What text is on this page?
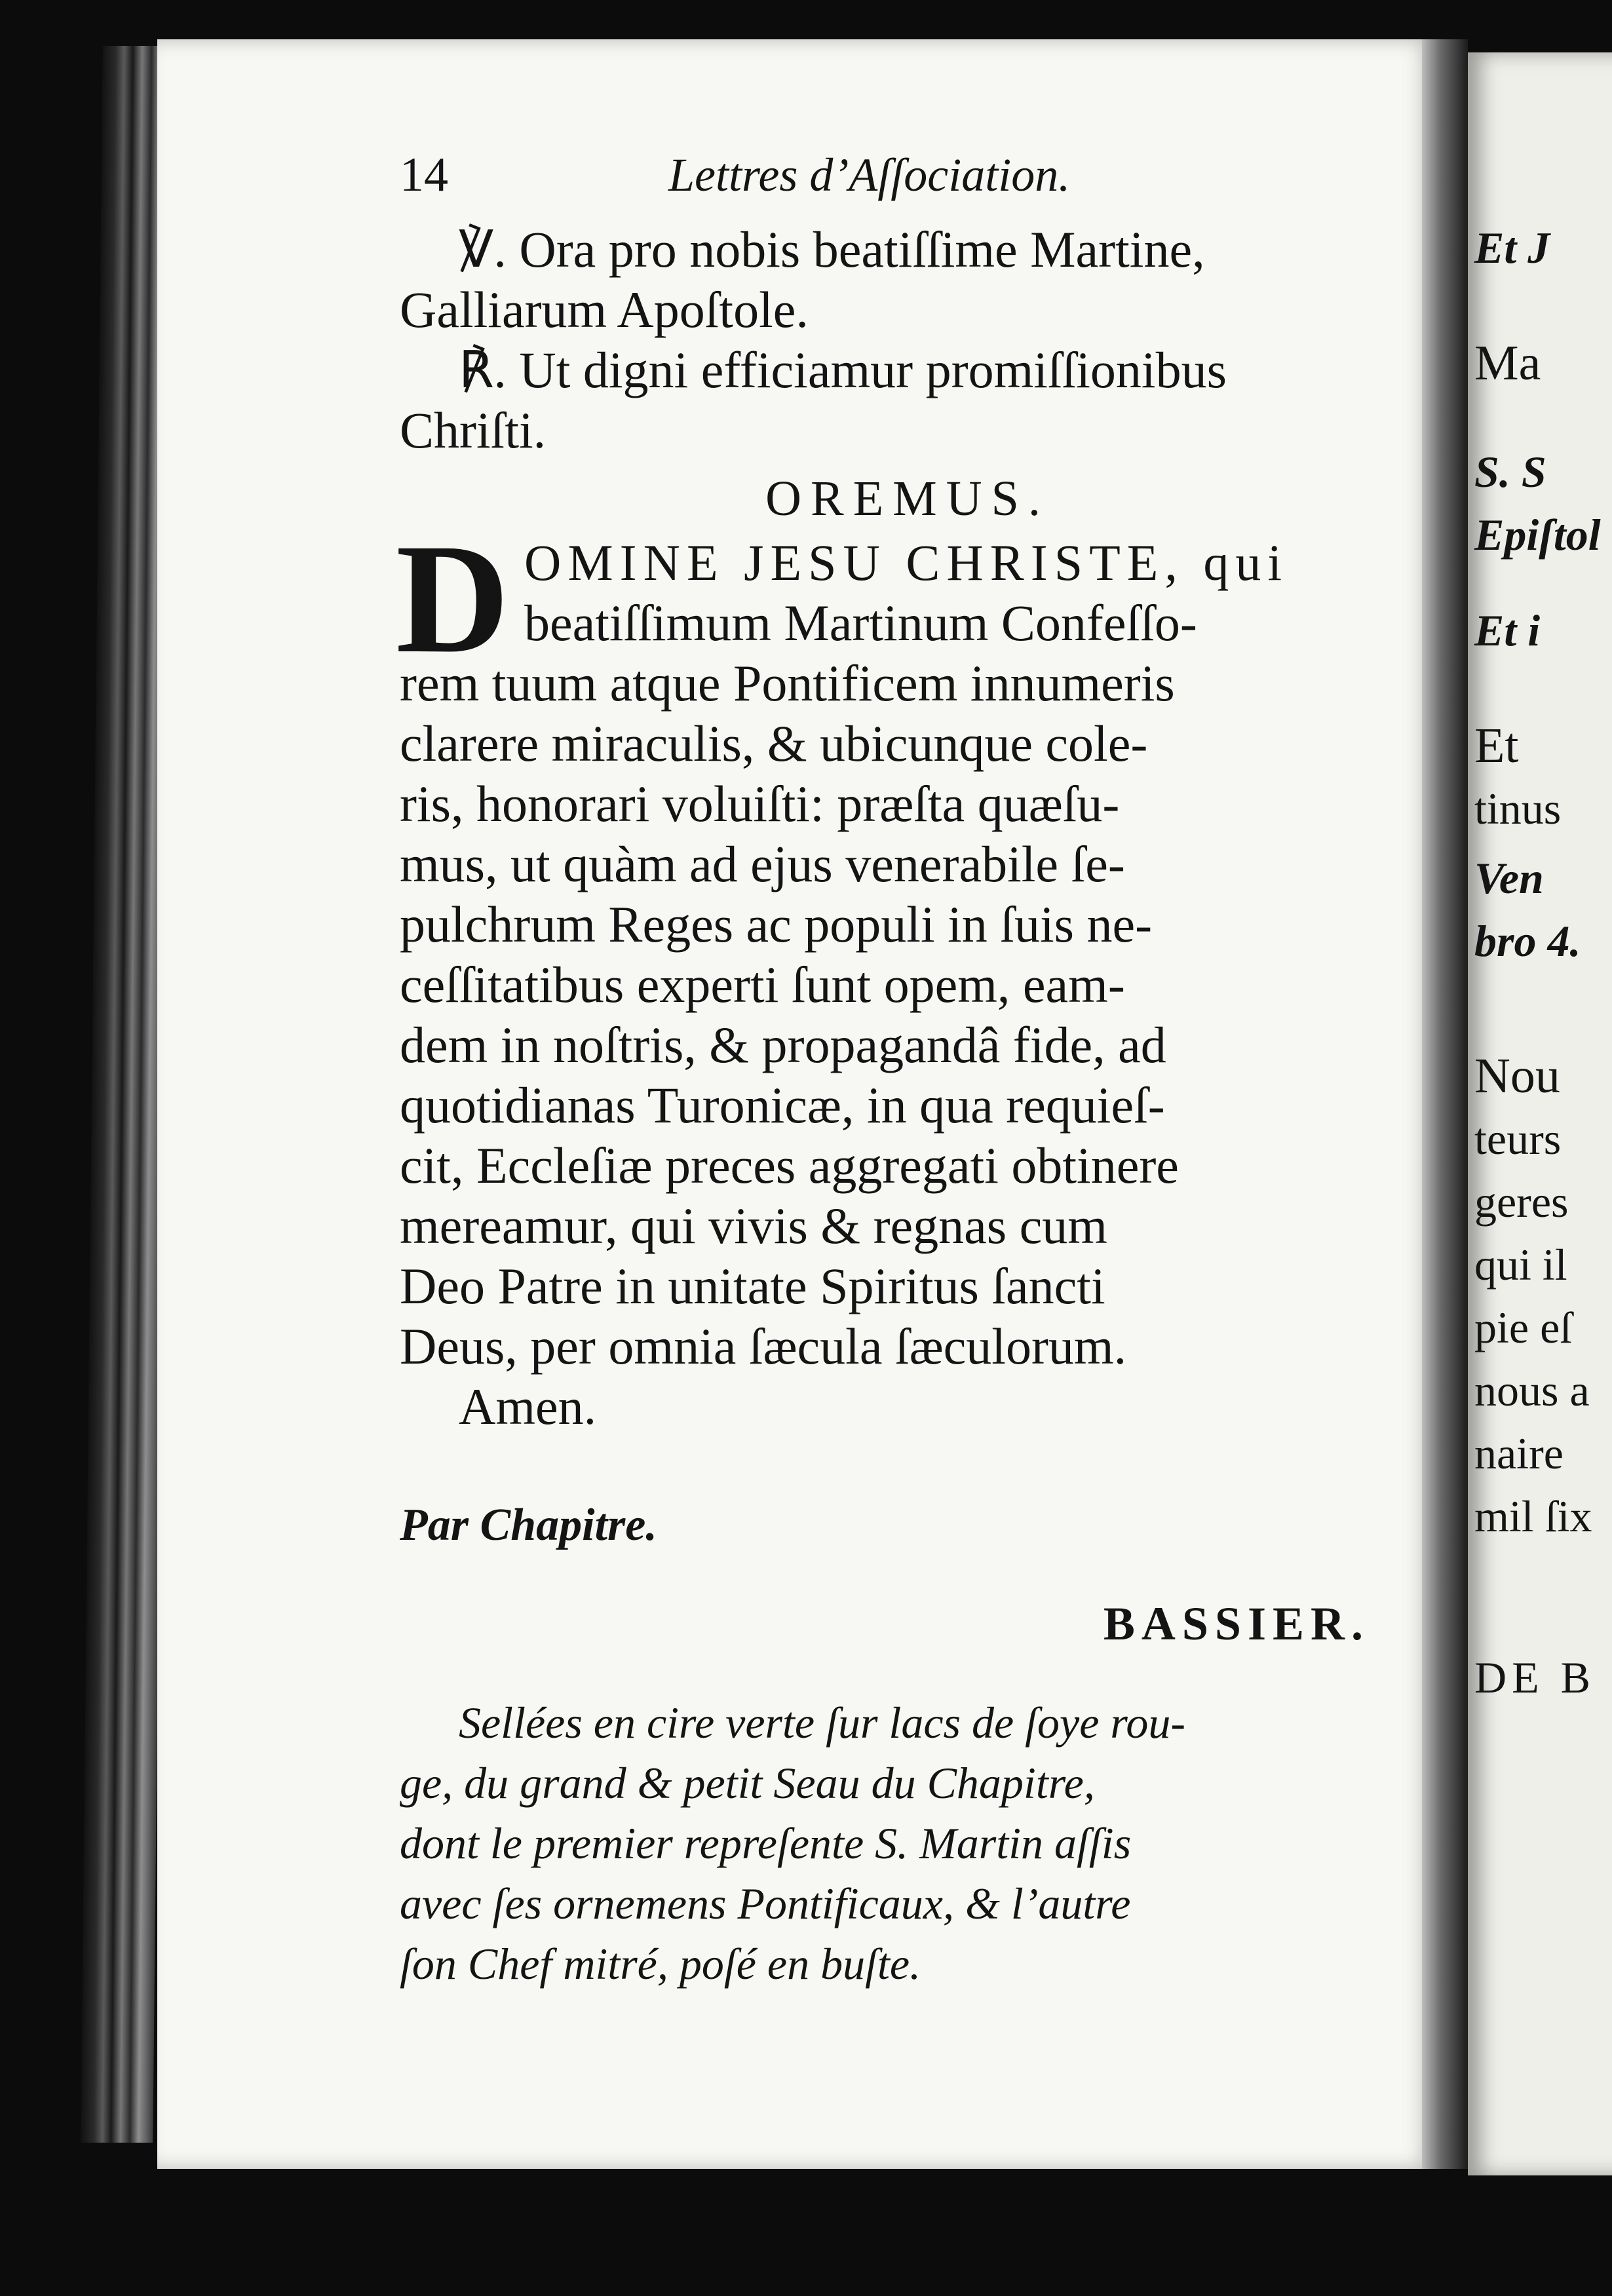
14	Lettres d’Aſſociation.
℣. Ora pro nobis beatiſſime Martine,
Galliarum Apoſtole.
℟. Ut digni efficiamur promiſſionibus
Chriſti.
OREMUS.
D OMINE JESU CHRISTE, qui
beatiſſimum Martinum Confeſſo-
rem tuum atque Pontificem innumeris
clarere miraculis, & ubicunque cole-
ris, honorari voluiſti: præſta quæſu-
mus, ut quàm ad ejus venerabile ſe-
pulchrum Reges ac populi in ſuis ne-
ceſſitatibus experti ſunt opem, eam-
dem in noſtris, & propagandâ fide, ad
quotidianas Turonicæ, in qua requieſ-
cit, Eccleſiæ preces aggregati obtinere
mereamur, qui vivis & regnas cum
Deo Patre in unitate Spiritus ſancti
Deus, per omnia ſæcula ſæculorum.
Amen.
Par Chapitre.
BASSIER.
Sellées en cire verte ſur lacs de ſoye rou-
ge, du grand & petit Seau du Chapitre,
dont le premier repreſente S. Martin aſſis
avec ſes ornemens Pontificaux, & l’autre
ſon Chef mitré, poſé en buſte.
Et J
Ma
S. S
Epiſtol
Et i
Et
tinus
Ven
bro 4.
Nou
teurs
geres
qui il
pie eſ
nous a
naire
mil ſix
DE B
